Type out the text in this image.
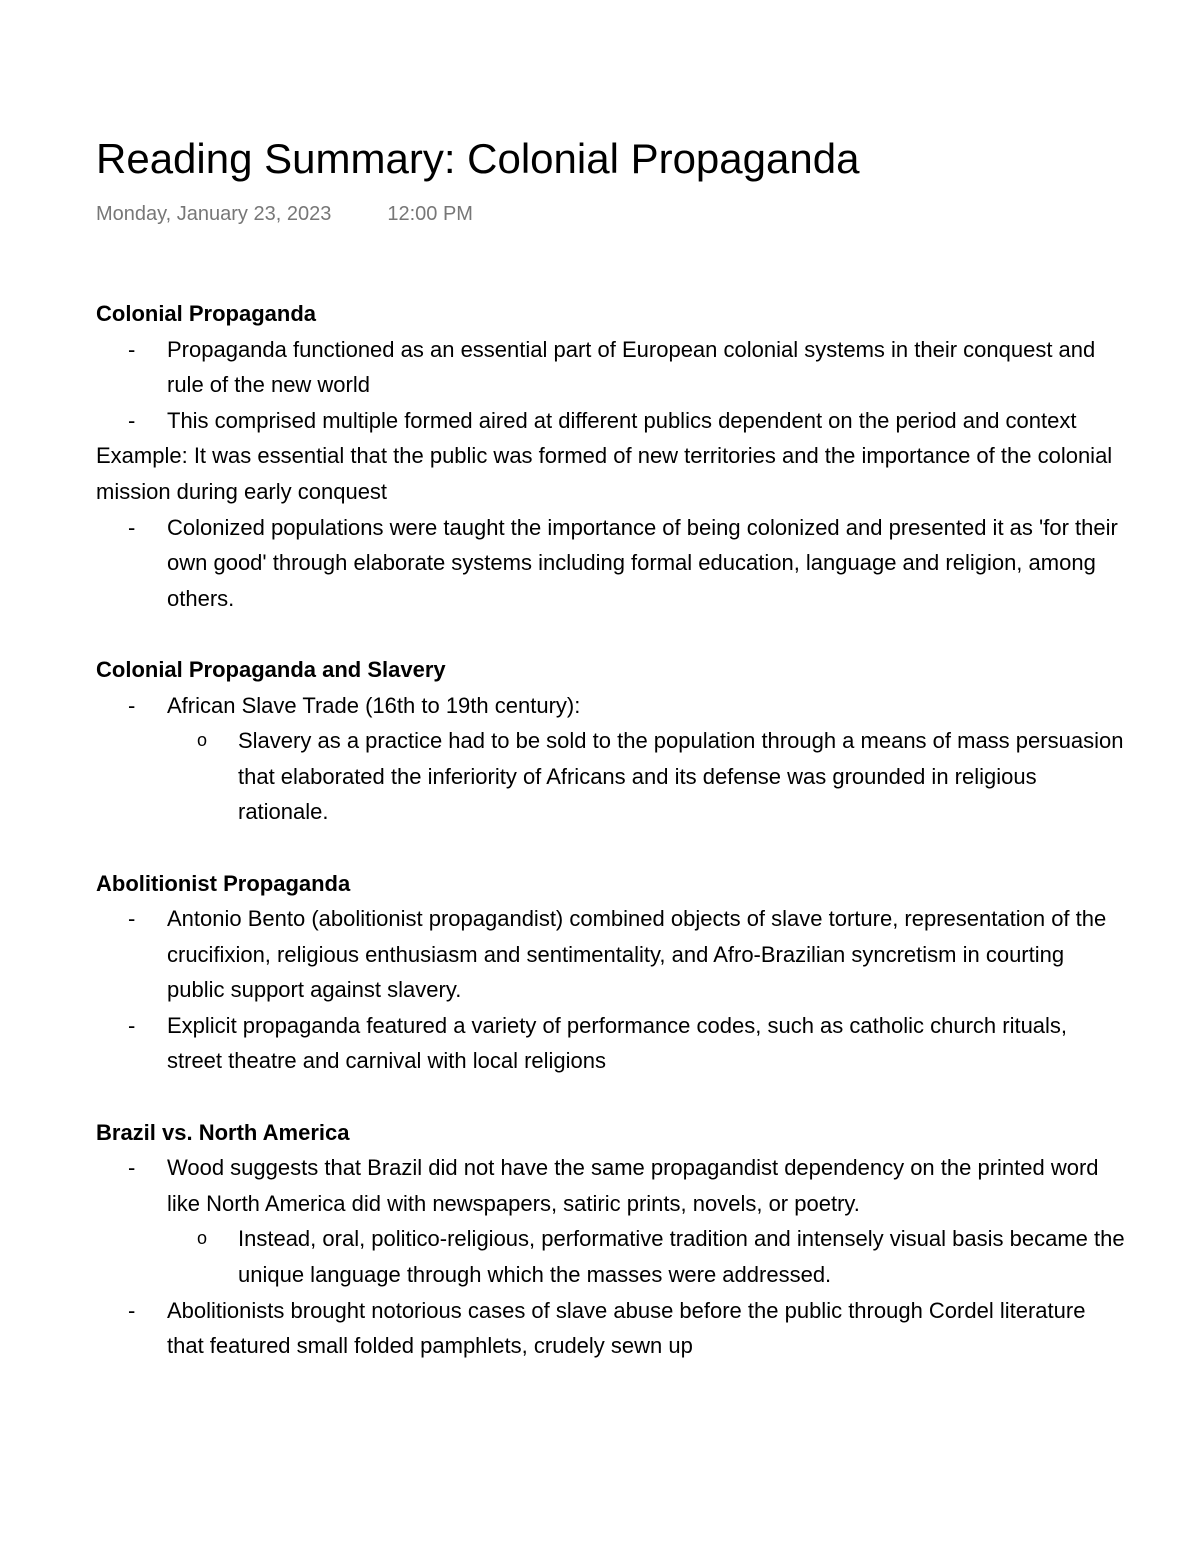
Reading Summary: Colonial Propaganda
Monday, January 23, 2023	12:00 PM

Colonial Propaganda

-	Propaganda functioned as an essential part of European colonial systems in their conquest and rule of the new world
-	This comprised multiple formed aired at different publics dependent on the period and context

Example: It was essential that the public was formed of new territories and the importance of the colonial mission during early conquest

-	Colonized populations were taught the importance of being colonized and presented it as 'for their own good' through elaborate systems including formal education, language and religion, among others.

Colonial Propaganda and Slavery

-	African Slave Trade (16th to 19th century):
o	Slavery as a practice had to be sold to the population through a means of mass persuasion that elaborated the inferiority of Africans and its defense was grounded in religious rationale.

Abolitionist Propaganda

-	Antonio Bento (abolitionist propagandist) combined objects of slave torture, representation of the crucifixion, religious enthusiasm and sentimentality, and Afro-Brazilian syncretism in courting public support against slavery.
-	Explicit propaganda featured a variety of performance codes, such as catholic church rituals, street theatre and carnival with local religions

Brazil vs. North America

-	Wood suggests that Brazil did not have the same propagandist dependency on the printed word like North America did with newspapers, satiric prints, novels, or poetry.
o	Instead, oral, politico-religious, performative tradition and intensely visual basis became the unique language through which the masses were addressed.
-	Abolitionists brought notorious cases of slave abuse before the public through Cordel literature that featured small folded pamphlets, crudely sewn up
